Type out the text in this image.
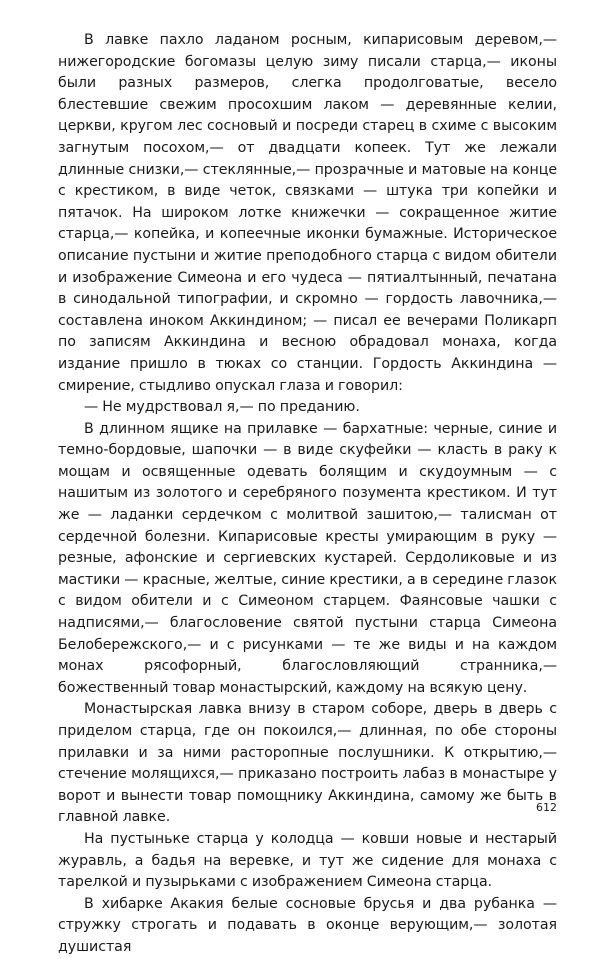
В лавке пахло ладаном росным, кипарисовым деревом,— нижегородские богомазы целую зиму писали старца,— иконы были разных размеров, слегка продолговатые, весело блестевшие свежим просохшим лаком — деревянные келии, церкви, кругом лес сосновый и посреди старец в схиме с высоким загнутым посохом,— от двадцати копеек. Тут же лежали длинные снизки,— стеклянные,— прозрачные и матовые на конце с крестиком, в виде четок, связками — штука три копейки и пятачок. На широком лотке книжечки — сокращенное житие старца,— копейка, и копеечные иконки бумажные. Историческое описание пустыни и житие преподобного старца с видом обители и изображение Симеона и его чудеса — пятиалтынный, печатана в синодальной типографии, и скромно — гордость лавочника,— составлена иноком Аккиндином; — писал ее вечерами Поликарп по записям Аккиндина и весною обрадовал монаха, когда издание пришло в тюках со станции. Гордость Аккиндина — смирение, стыдливо опускал глаза и говорил:

— Не мудрствовал я,— по преданию.

В длинном ящике на прилавке — бархатные: черные, синие и темно-бордовые, шапочки — в виде скуфейки — класть в раку к мощам и освященные одевать болящим и скудоумным — с нашитым из золотого и серебряного позумента крестиком. И тут же — ладанки сердечком с молитвой зашитою,— талисман от сердечной болезни. Кипарисовые кресты умирающим в руку — резные, афонские и сергиевских кустарей. Сердоликовые и из мастики — красные, желтые, синие крестики, а в середине глазок с видом обители и с Симеоном старцем. Фаянсовые чашки с надписями,— благословение святой пустыни старца Симеона Белобережского,— и с рисунками — те же виды и на каждом монах рясофорный, благословляющий странника,— божественный товар монастырский, каждому на всякую цену.

Монастырская лавка внизу в старом соборе, дверь в дверь с приделом старца, где он покоился,— длинная, по обе стороны прилавки и за ними расторопные послушники. К открытию,— стечение молящихся,— приказано построить лабаз в монастыре у ворот и вынести товар помощнику Аккиндина, самому же быть в главной лавке.

На пустыньке старца у колодца — ковши новые и нестарый журавль, а бадья на веревке, и тут же сидение для монаха с тарелкой и пузырьками с изображением Симеона старца.

В хибарке Акакия белые сосновые брусья и два рубанка — стружку строгать и подавать в оконце верующим,— золотая душистая

612
